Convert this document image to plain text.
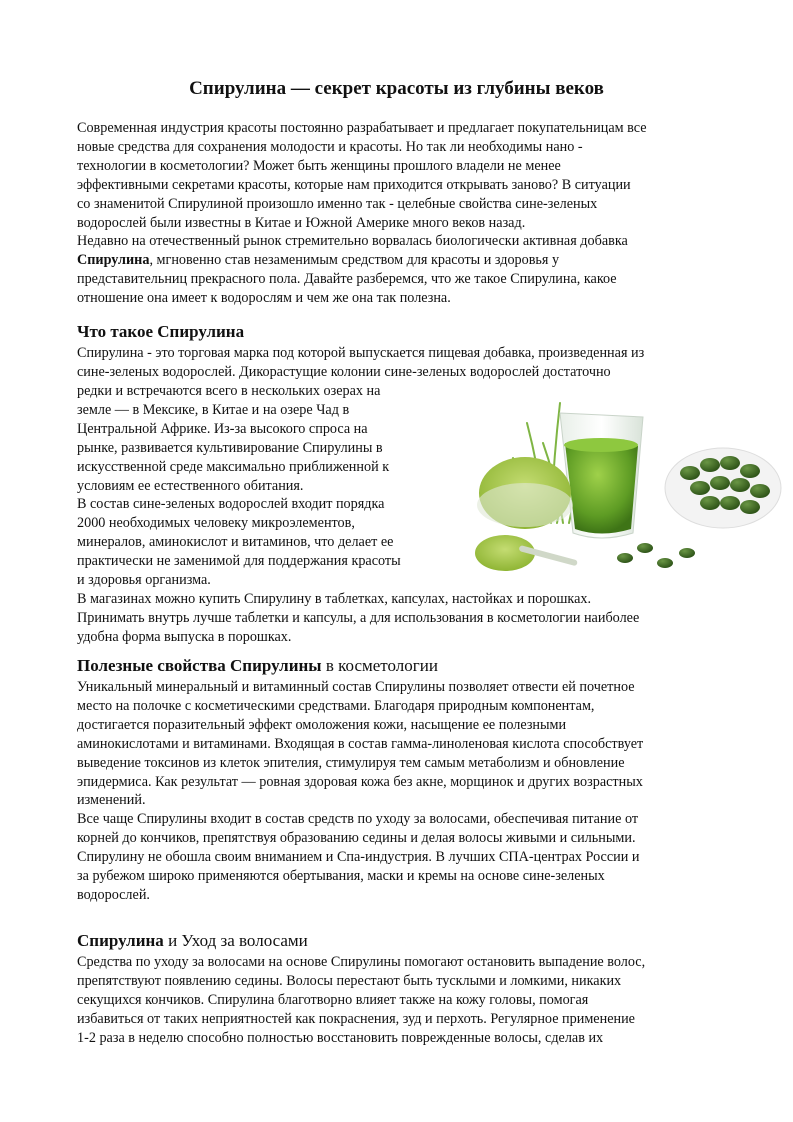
Спирулина — секрет красоты из глубины веков

Современная индустрия красоты постоянно разрабатывает и предлагает покупательницам все

новые средства для сохранения молодости и красоты. Но так ли необходимы нано -

технологии в косметологии? Может быть женщины прошлого владели не менее

эффективными секретами красоты, которые нам приходится открывать заново? В ситуации

со знаменитой Спирулиной произошло именно так - целебные свойства сине-зеленых

водорослей были известны в Китае и Южной Америке много веков назад.

Недавно на отечественный рынок стремительно ворвалась биологически активная добавка

Спирулина, мгновенно став незаменимым средством для красоты и здоровья у

представительниц прекрасного пола. Давайте разберемся, что же такое Спирулина, какое

отношение она имеет к водорослям и чем же она так полезна.

Что такое Спирулина

Спирулина - это торговая марка под которой выпускается пищевая добавка, произведенная из

сине-зеленых водорослей. Дикорастущие колонии сине-зеленых водорослей достаточно

редки и встречаются всего в нескольких озерах на

земле — в Мексике, в Китае и на озере Чад в

Центральной Африке. Из-за высокого спроса на

рынке, развивается культивирование Спирулины в

искусственной среде максимально приближенной к

условиям ее естественного обитания.

В состав сине-зеленых водорослей входит порядка

2000 необходимых человеку микроэлементов,

минералов, аминокислот и витаминов, что делает ее

практически не заменимой для поддержания красоты

и здоровья организма.

В магазинах можно купить Спирулину в таблетках, капсулах, настойках и порошках.

Принимать внутрь лучше таблетки и капсулы, а для использования в косметологии наиболее

удобна форма выпуска в порошках.

Полезные свойства Спирулины в косметологии

Уникальный минеральный и витаминный состав Спирулины позволяет отвести ей почетное

место на полочке с косметическими средствами. Благодаря природным компонентам,

достигается поразительный эффект омоложения кожи, насыщение ее полезными

аминокислотами и витаминами. Входящая в состав гамма-линоленовая кислота способствует

выведение токсинов из клеток эпителия, стимулируя тем самым метаболизм и обновление

эпидермиса. Как результат — ровная здоровая кожа без акне, морщинок и других возрастных

изменений.

Все чаще Спирулины входит в состав средств по уходу за волосами, обеспечивая питание от

корней до кончиков, препятствуя образованию седины и делая волосы живыми и сильными.

Спирулину не обошла своим вниманием и Спа-индустрия. В лучших СПА-центрах России и

за рубежом широко применяются обертывания, маски и кремы на основе сине-зеленых

водорослей.

Спирулина и Уход за волосами

Средства по уходу за волосами на основе Спирулины помогают остановить выпадение волос,

препятствуют появлению седины. Волосы перестают быть тусклыми и ломкими, никаких

секущихся кончиков. Спирулина благотворно влияет также на кожу головы, помогая

избавиться от таких неприятностей как покраснения, зуд и перхоть. Регулярное применение

1-2 раза в неделю способно полностью восстановить поврежденные волосы, сделав их
